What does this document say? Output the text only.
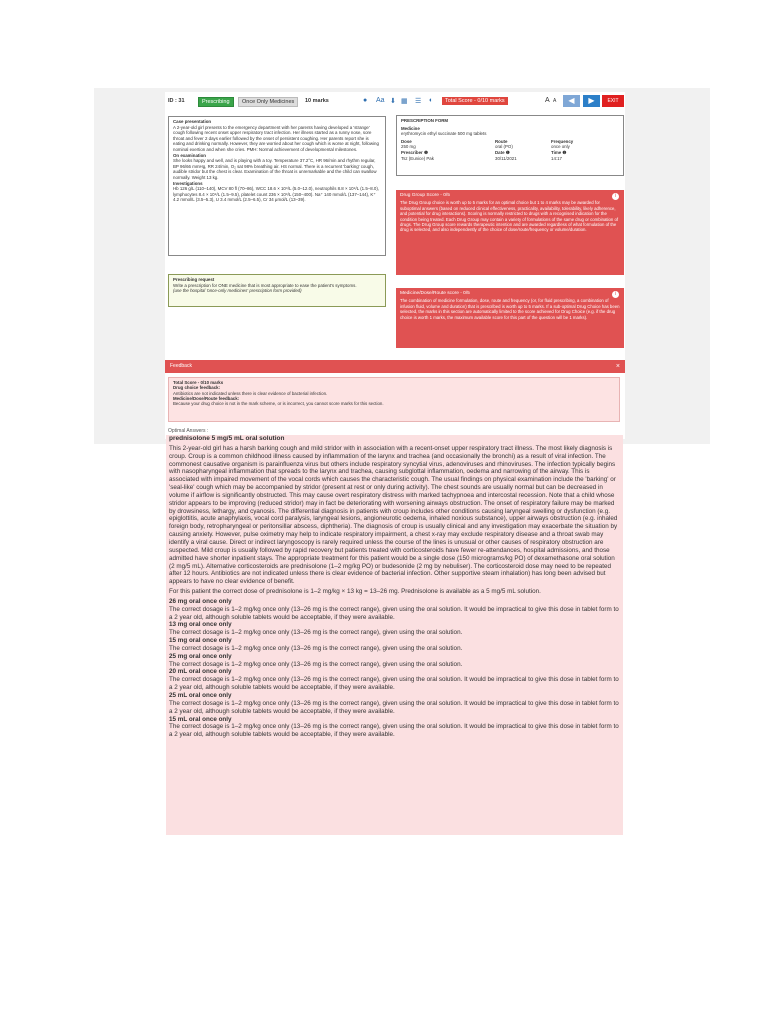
ID : 31	Prescribing	Once Only Medicines	10 marks	● Aa ⬇ ▦ ☰ ◐	Total Score - 0/10 marks	A A	◀	▶	EXIT
Case presentation
A 2-year-old girl presents to the emergency department with her parents having developed a 'strange' cough following recent onset upper respiratory tract infection. Her illness started as a runny nose, sore throat and fever 2 days earlier followed by the onset of persistent coughing. Her parents report she is eating and drinking normally. However, they are worried about her cough which is worse at night, following nominal exertion and when she cries. PMH: Normal achievement of developmental milestones.
On examination
She looks happy and well, and is playing with a toy. Temperature 37.2°C, HR 96/min and rhythm regular, BP 96/66 mmHg, RR 24/min, O₂ sat 98% breathing air. HS normal. There is a recurrent 'barking' cough, audible stridor but the chest is clear. Examination of the throat is unremarkable and the child can swallow normally. Weight 13 kg.
Investigations
Hb 126 g/L (110–140), MCV 80 fl (70–86), WCC 18.6 × 10⁹/L (5.0–12.0), neutrophils 8.8 × 10⁹/L (1.5–8.0), lymphocytes 8.4 × 10⁹/L (1.5–9.5), platelet count 236 × 10⁹/L (150–400). Na⁺ 140 mmol/L (137–144), K⁺ 4.2 mmol/L (3.5–5.3), U 3.4 mmol/L (2.5–6.5), Cr 34 μmol/L (13–39).
Prescribing request
Write a prescription for ONE medicine that is most appropriate to ease the patient's symptoms.
(use the hospital 'once-only medicines' prescription form provided)
PRESCRIPTION FORM
Medicine
erythromycin ethyl succinate 500 mg tablets
Dose	Route	Frequency
250 mg	oral (PO)	once only
Prescriber ❶	Date ❶	Time ❶
Tsz (Eunice) Pak	30/11/2021	14:17
Drug Group Score - 0/5	i
The Drug Group choice is worth up to 5 marks for an optimal choice but 1 to 4 marks may be awarded for suboptimal answers (based on reduced clinical effectiveness, practicality, availability, tolerability, likely adherence, and potential for drug interactions). Scoring is normally restricted to drugs with a recognised indication for the condition being treated. Each Drug Group may contain a variety of formulations of the same drug or combination of drugs. The Drug Group score rewards therapeutic intention and are awarded regardless of what formulation of the drug is selected, and also independently of the choice of dose/route/frequency or volume/duration.
Medicine/Dose/Route score - 0/5	i
The combination of medicine formulation, dose, route and frequency (or, for fluid prescribing, a combination of infusion fluid, volume and duration) that is prescribed is worth up to 5 marks. If a sub-optimal Drug Choice has been selected, the marks in this section are automatically limited to the score achieved for Drug Choice (e.g. if the drug choice is worth 1 marks, the maximum available score for this part of the question will be 1 marks).
Feedback	×
Total Score - 0/10 marks
Drug choice feedback:
Antibiotics are not indicated unless there is clear evidence of bacterial infection.
Medicine/Dose/Route feedback:
Because your drug choice is not in the mark scheme, or is incorrect, you cannot score marks for this section.
Optimal Answers :
prednisolone 5 mg/5 mL oral solution

This 2-year-old girl has a harsh barking cough and mild stridor with in association with a recent-onset upper respiratory tract illness. The most likely diagnosis is croup. Croup is a common childhood illness caused by inflammation of the larynx and trachea (and occasionally the bronchi) as a result of viral infection. The commonest causative organism is parainfluenza virus but others include respiratory syncytial virus, adenoviruses and rhinoviruses. The infection typically begins with nasopharyngeal inflammation that spreads to the larynx and trachea, causing subglottal inflammation, oedema and narrowing of the airway. This is associated with impaired movement of the vocal cords which causes the characteristic cough. The usual findings on physical examination include the 'barking' or 'seal-like' cough which may be accompanied by stridor (present at rest or only during activity). The chest sounds are usually normal but can be decreased in volume if airflow is significantly obstructed. This may cause overt respiratory distress with marked tachypnoea and intercostal recession. Note that a child whose stridor appears to be improving (reduced stridor) may in fact be deteriorating with worsening airways obstruction. The onset of respiratory failure may be marked by drowsiness, lethargy, and cyanosis. The differential diagnosis in patients with croup includes other conditions causing laryngeal swelling or dysfunction (e.g. epiglottitis, acute anaphylaxis, vocal cord paralysis, laryngeal lesions, angioneurotic oedema, inhaled noxious substance), upper airways obstruction (e.g. inhaled foreign body, retropharyngeal or peritonsillar abscess, diphtheria). The diagnosis of croup is usually clinical and any investigation may exacerbate the situation by causing anxiety. However, pulse oximetry may help to indicate respiratory impairment, a chest x-ray may exclude respiratory disease and a throat swab may identify a viral cause. Direct or indirect laryngoscopy is rarely required unless the course of the lines is unusual or other causes of respiratory obstruction are suspected. Mild croup is usually followed by rapid recovery but patients treated with corticosteroids have fewer re-attendances, hospital admissions, and those admitted have shorter inpatient stays. The appropriate treatment for this patient would be a single dose (150 micrograms/kg PO) of dexamethasone oral solution (2 mg/5 mL). Alternative corticosteroids are prednisolone (1–2 mg/kg PO) or budesonide (2 mg by nebuliser). The corticosteroid dose may need to be repeated after 12 hours. Antibiotics are not indicated unless there is clear evidence of bacterial infection. Other supportive steam inhalation) has long been advised but appears to have no clear evidence of benefit.

For this patient the correct dose of prednisolone is 1–2 mg/kg × 13 kg = 13–26 mg. Prednisolone is available as a 5 mg/5 mL solution.

26 mg oral once only
The correct dosage is 1–2 mg/kg once only (13–26 mg is the correct range), given using the oral solution. It would be impractical to give this dose in tablet form to a 2 year old, although soluble tablets would be acceptable, if they were available.
13 mg oral once only
The correct dosage is 1–2 mg/kg once only (13–26 mg is the correct range), given using the oral solution.
15 mg oral once only
The correct dosage is 1–2 mg/kg once only (13–26 mg is the correct range), given using the oral solution.
25 mg oral once only
The correct dosage is 1–2 mg/kg once only (13–26 mg is the correct range), given using the oral solution.
20 mL oral once only
The correct dosage is 1–2 mg/kg once only (13–26 mg is the correct range), given using the oral solution. It would be impractical to give this dose in tablet form to a 2 year old, although soluble tablets would be acceptable, if they were available.
25 mL oral once only
The correct dosage is 1–2 mg/kg once only (13–26 mg is the correct range), given using the oral solution. It would be impractical to give this dose in tablet form to a 2 year old, although soluble tablets would be acceptable, if they were available.
15 mL oral once only
The correct dosage is 1–2 mg/kg once only (13–26 mg is the correct range), given using the oral solution. It would be impractical to give this dose in tablet form to a 2 year old, although soluble tablets would be acceptable, if they were available.
